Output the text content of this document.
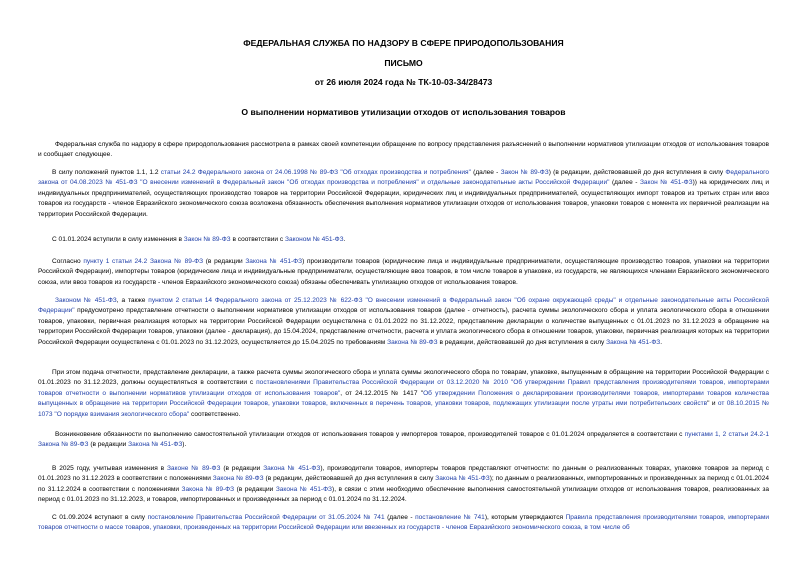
ФЕДЕРАЛЬНАЯ СЛУЖБА ПО НАДЗОРУ В СФЕРЕ ПРИРОДОПОЛЬЗОВАНИЯ
ПИСЬМО
от 26 июля 2024 года № ТК-10-03-34/28473
О выполнении нормативов утилизации отходов от использования товаров
Федеральная служба по надзору в сфере природопользования рассмотрела в рамках своей компетенции обращение по вопросу представления разъяснений о выполнении нормативов утилизации отходов от использования товаров и сообщает следующее.
В силу положений пунктов 1.1, 1.2 статьи 24.2 Федерального закона от 24.06.1998 № 89-ФЗ "Об отходах производства и потребления" (далее - Закон № 89-ФЗ) (в редакции, действовавшей до дня вступления в силу Федерального закона от 04.08.2023 № 451-ФЗ "О внесении изменений в Федеральный закон "Об отходах производства и потребления" и отдельные законодательные акты Российской Федерации" (далее - Закон № 451-ФЗ)) на юридических лиц и индивидуальных предпринимателей, осуществляющих производство товаров на территории Российской Федерации, юридических лиц и индивидуальных предпринимателей, осуществляющих импорт товаров из третьих стран или ввоз товаров из государств - членов Евразийского экономического союза возложена обязанность обеспечения выполнения нормативов утилизации отходов от использования товаров, упаковки товаров с момента их первичной реализации на территории Российской Федерации.
С 01.01.2024 вступили в силу изменения в Закон № 89-ФЗ в соответствии с Законом № 451-ФЗ.
Согласно пункту 1 статьи 24.2 Закона № 89-ФЗ (в редакции Закона № 451-ФЗ) производители товаров (юридические лица и индивидуальные предприниматели, осуществляющие производство товаров, упаковки на территории Российской Федерации), импортеры товаров (юридические лица и индивидуальные предприниматели, осуществляющие ввоз товаров, в том числе товаров в упаковке, из государств, не являющихся членами Евразийского экономического союза, или ввоз товаров из государств - членов Евразийского экономического союза) обязаны обеспечивать утилизацию отходов от использования товаров.
Законом № 451-ФЗ, а также пунктом 2 статьи 14 Федерального закона от 25.12.2023 № 622-ФЗ "О внесении изменений в Федеральный закон "Об охране окружающей среды" и отдельные законодательные акты Российской Федерации" предусмотрено представление отчетности о выполнении нормативов утилизации отходов от использования товаров (далее - отчетность), расчета суммы экологического сбора и уплата экологического сбора в отношении товаров, упаковки, первичная реализация которых на территории Российской Федерации осуществлена с 01.01.2022 по 31.12.2022, представление декларации о количестве выпущенных с 01.01.2023 по 31.12.2023 в обращение на территории Российской Федерации товаров, упаковки (далее - декларация), до 15.04.2024, представление отчетности, расчета и уплата экологического сбора в отношении товаров, упаковки, первичная реализация которых на территории Российской Федерации осуществлена с 01.01.2023 по 31.12.2023, осуществляется до 15.04.2025 по требованиям Закона № 89-ФЗ в редакции, действовавшей до дня вступления в силу Закона № 451-ФЗ.
При этом подача отчетности, представление декларации, а также расчета суммы экологического сбора и уплата суммы экологического сбора по товарам, упаковке, выпущенным в обращение на территории Российской Федерации с 01.01.2023 по 31.12.2023, должны осуществляться в соответствии с постановлениями Правительства Российской Федерации от 03.12.2020 № 2010 "Об утверждении Правил представления производителями товаров, импортерами товаров отчетности о выполнении нормативов утилизации отходов от использования товаров", от 24.12.2015 № 1417 "Об утверждении Положения о декларировании производителями товаров, импортерами товаров количества выпущенных в обращение на территории Российской Федерации товаров, упаковки товаров, включенных в перечень товаров, упаковки товаров, подлежащих утилизации после утраты ими потребительских свойств" и от 08.10.2015 № 1073 "О порядке взимания экологического сбора" соответственно.
Возникновение обязанности по выполнению самостоятельной утилизации отходов от использования товаров у импортеров товаров, производителей товаров с 01.01.2024 определяется в соответствии с пунктами 1, 2 статьи 24.2-1 Закона № 89-ФЗ (в редакции Закона № 451-ФЗ).
В 2025 году, учитывая изменения в Законе № 89-ФЗ (в редакции Закона № 451-ФЗ), производители товаров, импортеры товаров представляют отчетности: по данным о реализованных товарах, упаковке товаров за период с 01.01.2023 по 31.12.2023 в соответствии с положениями Закона № 89-ФЗ (в редакции, действовавшей до дня вступления в силу Закона № 451-ФЗ); по данным о реализованных, импортированных и произведенных за период с 01.01.2024 по 31.12.2024 в соответствии с положениями Закона № 89-ФЗ (в редакции Закона № 451-ФЗ), в связи с этим необходимо обеспечение выполнения самостоятельной утилизации отходов от использования товаров, реализованных за период с 01.01.2023 по 31.12.2023, и товаров, импортированных и произведенных за период с 01.01.2024 по 31.12.2024.
С 01.09.2024 вступают в силу постановление Правительства Российской Федерации от 31.05.2024 № 741 (далее - постановление № 741), которым утверждаются Правила представления производителями товаров, импортерами товаров отчетности о массе товаров, упаковки, произведенных на территории Российской Федерации или ввезенных из государств - членов Евразийского экономического союза, в том числе об
